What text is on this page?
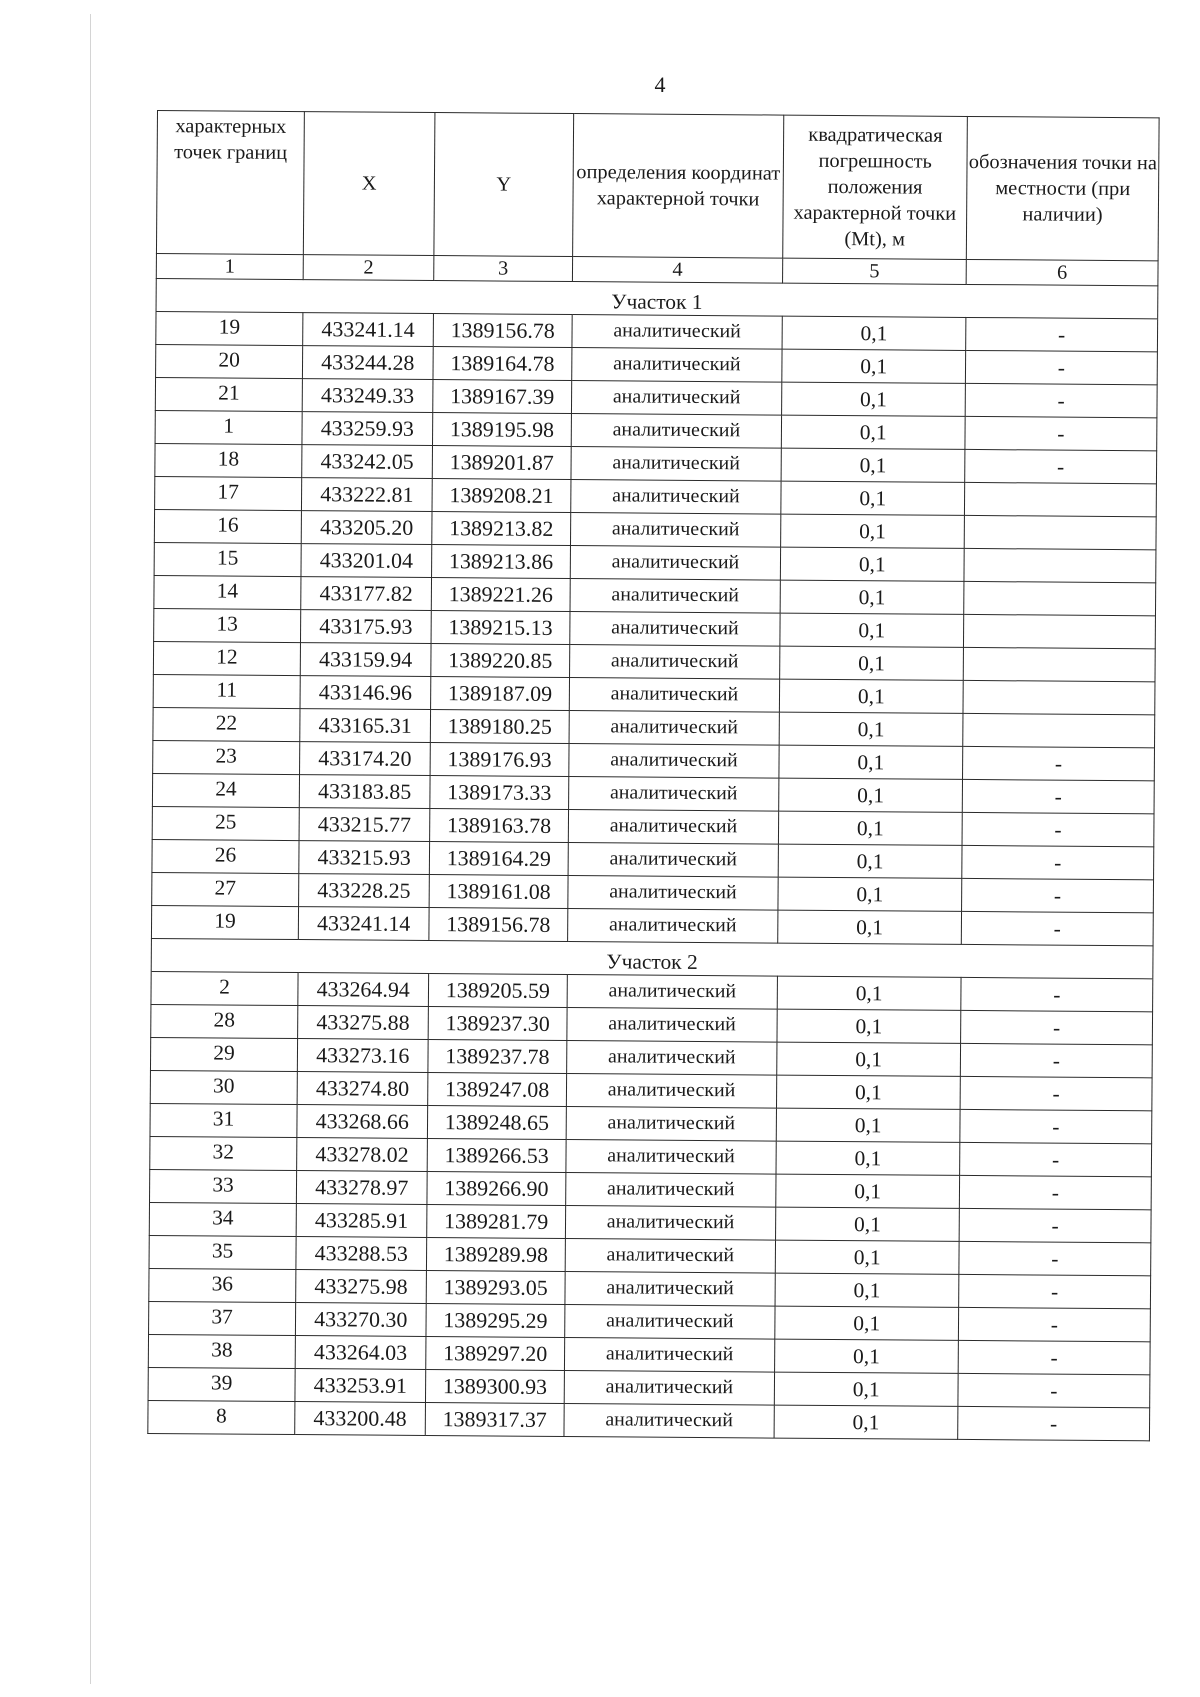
4
характерных точек границ	X	Y	определения координат характерной точки	квадратическая погрешность положения характерной точки (Mt), м	обозначения точки на местности (при наличии)
1	2	3	4	5	6
Участок 1					
19	433241.14	1389156.78	аналитический	0,1	-
20	433244.28	1389164.78	аналитический	0,1	-
21	433249.33	1389167.39	аналитический	0,1	-
1	433259.93	1389195.98	аналитический	0,1	-
18	433242.05	1389201.87	аналитический	0,1	-
17	433222.81	1389208.21	аналитический	0,1	
16	433205.20	1389213.82	аналитический	0,1	
15	433201.04	1389213.86	аналитический	0,1	
14	433177.82	1389221.26	аналитический	0,1	
13	433175.93	1389215.13	аналитический	0,1	
12	433159.94	1389220.85	аналитический	0,1	
11	433146.96	1389187.09	аналитический	0,1	
22	433165.31	1389180.25	аналитический	0,1	
23	433174.20	1389176.93	аналитический	0,1	-
24	433183.85	1389173.33	аналитический	0,1	-
25	433215.77	1389163.78	аналитический	0,1	-
26	433215.93	1389164.29	аналитический	0,1	-
27	433228.25	1389161.08	аналитический	0,1	-
19	433241.14	1389156.78	аналитический	0,1	-
Участок 2					
2	433264.94	1389205.59	аналитический	0,1	-
28	433275.88	1389237.30	аналитический	0,1	-
29	433273.16	1389237.78	аналитический	0,1	-
30	433274.80	1389247.08	аналитический	0,1	-
31	433268.66	1389248.65	аналитический	0,1	-
32	433278.02	1389266.53	аналитический	0,1	-
33	433278.97	1389266.90	аналитический	0,1	-
34	433285.91	1389281.79	аналитический	0,1	-
35	433288.53	1389289.98	аналитический	0,1	-
36	433275.98	1389293.05	аналитический	0,1	-
37	433270.30	1389295.29	аналитический	0,1	-
38	433264.03	1389297.20	аналитический	0,1	-
39	433253.91	1389300.93	аналитический	0,1	-
8	433200.48	1389317.37	аналитический	0,1	-
